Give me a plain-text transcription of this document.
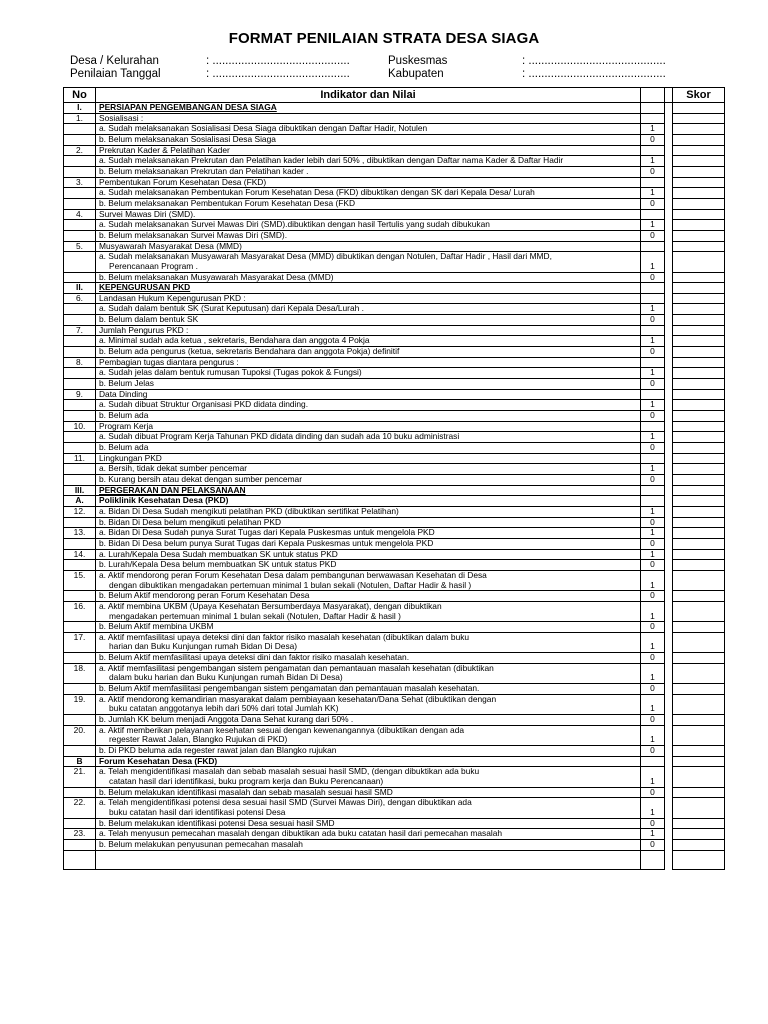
FORMAT PENILAIAN STRATA DESA SIAGA
Desa / Kelurahan	: ...........................................
Penilaian Tanggal	: ...........................................
Puskesmas	: ...........................................
Kabupaten	: ...........................................
No	Indikator dan Nilai			Skor
I.	PERSIAPAN PENGEMBANGAN DESA SIAGA			

1.	Sosialisasi :			

	a. Sudah melaksanakan Sosialisasi Desa Siaga dibuktikan dengan Daftar Hadir, Notulen	1		

	b. Belum melaksanakan Sosialisasi Desa Siaga	0		
2.	Prekrutan Kader & Pelatihan Kader			

	a. Sudah melaksanakan Prekrutan dan Pelatihan kader lebih dari 50% , dibuktikan dengan Daftar nama Kader & Daftar Hadir	1		

	b. Belum melaksanakan Prekrutan dan Pelatihan kader .	0		
3.	Pembentukan Forum Kesehatan Desa (FKD)			

	a. Sudah melaksanakan Pembentukan Forum Kesehatan Desa (FKD) dibuktikan dengan SK dari Kepala Desa/ Lurah	1		

	b. Belum melaksanakan Pembentukan Forum Kesehatan Desa (FKD	0		
4.	Survei Mawas Diri (SMD).			

	a. Sudah melaksanakan Survei Mawas Diri (SMD).dibuktikan dengan hasil Tertulis yang sudah dibukukan	1		

	b. Belum melaksanakan Survei Mawas Diri (SMD).	0		
5.	Musyawarah Masyarakat Desa (MMD)			

	a. Sudah melaksanakan Musyawarah Masyarakat Desa (MMD) dibuktikan dengan Notulen, Daftar Hadir , Hasil dari MMD,
Perencanaan Program .	1		

	b. Belum melaksanakan Musyawarah Masyarakat Desa (MMD)	0		
II.	KEPENGURUSAN PKD			

6.	Landasan Hukum Kepengurusan PKD :			

	a. Sudah dalam bentuk SK (Surat Keputusan) dari Kepala Desa/Lurah .	1		

	b. Belum dalam bentuk SK	0		
7.	Jumlah Pengurus PKD :			

	a. Minimal sudah ada ketua , sekretaris, Bendahara dan anggota 4 Pokja	1		

	b. Belum ada pengurus (ketua, sekretaris Bendahara dan anggota Pokja) definitif	0		
8.	Pembagian tugas diantara pengurus :			

	a. Sudah jelas dalam bentuk rumusan Tupoksi (Tugas pokok & Fungsi)	1		

	b. Belum Jelas	0		
9.	Data Dinding			

	a. Sudah dibuat Struktur Organisasi PKD didata dinding.	1		

	b. Belum ada	0		
10.	Program Kerja			

	a. Sudah dibuat Program Kerja Tahunan PKD didata dinding dan sudah ada 10 buku administrasi	1		

	b. Belum ada	0		
11.	Lingkungan PKD			

	a. Bersih, tidak dekat sumber pencemar	1		

	b. Kurang bersih atau dekat dengan sumber pencemar	0		
III.	PERGERAKAN DAN PELAKSANAAN			

A.	Poliklinik Kesehatan Desa (PKD)			

12.	a. Bidan Di Desa Sudah mengikuti pelatihan PKD (dibuktikan sertifikat Pelatihan)	1		

	b. Bidan Di Desa belum mengikuti pelatihan PKD	0		
13.	a. Bidan Di Desa Sudah punya Surat Tugas dari Kepala Puskesmas untuk mengelola PKD	1		

	b. Bidan Di Desa belum punya Surat Tugas dari Kepala Puskesmas untuk mengelola PKD	0		
14.	a. Lurah/Kepala Desa Sudah membuatkan SK untuk status PKD	1		

	b. Lurah/Kepala Desa belum membuatkan SK untuk status PKD	0		
15.	a. Aktif mendorong peran Forum Kesehatan Desa dalam pembangunan berwawasan Kesehatan di Desa
dengan dibuktikan mengadakan pertemuan minimal 1 bulan sekali (Notulen, Daftar Hadir & hasil )	1		

	b. Belum Aktif mendorong peran Forum Kesehatan Desa	0		
16.	a. Aktif membina UKBM (Upaya Kesehatan Bersumberdaya Masyarakat), dengan dibuktikan
mengadakan pertemuan minimal 1 bulan sekali (Notulen, Daftar Hadir & hasil )	1		

	b. Belum Aktif membina UKBM	0		
17.	a. Aktif memfasilitasi upaya deteksi dini dan faktor risiko masalah kesehatan (dibuktikan dalam buku
harian dan Buku Kunjungan rumah Bidan Di Desa)	1		

	b. Belum Aktif memfasilitasi upaya deteksi dini dan faktor risiko masalah kesehatan.	0		
18.	a. Aktif memfasilitasi pengembangan sistem pengamatan dan pemantauan masalah kesehatan (dibuktikan
dalam buku harian dan Buku Kunjungan rumah Bidan Di Desa)	1		

	b. Belum Aktif memfasilitasi pengembangan sistem pengamatan dan pemantauan masalah kesehatan.	0		
19.	a. Aktif mendorong kemandirian masyarakat dalam pembiayaan kesehatan/Dana Sehat (dibuktikan dengan
buku catatan anggotanya lebih dari 50% dari total Jumlah KK)	1		

	b. Jumlah KK belum menjadi Anggota Dana Sehat kurang dari 50% .	0		
20.	a. Aktif memberikan pelayanan kesehatan sesuai dengan kewenangannya (dibuktikan dengan ada
regester Rawat Jalan, Blangko Rujukan di PKD)	1		

	b. Di PKD beluma ada regester rawat jalan dan Blangko rujukan	0		
B	Forum Kesehatan Desa (FKD)			

21.	a. Telah mengidentifikasi masalah dan sebab masalah sesuai hasil SMD, (dengan dibuktikan ada buku
catatan hasil dari identifikasi, buku program kerja dan Buku Perencanaan)	1		

	b. Belum melakukan identifikasi masalah dan sebab masalah sesuai hasil SMD	0		
22.	a. Telah mengidentifikasi potensi desa sesuai hasil SMD (Survei Mawas Diri), dengan dibuktikan ada
buku catatan hasil dari identifikasi potensi Desa	1		

	b. Belum melakukan identifikasi potensi Desa sesuai hasil SMD	0		
23.	a. Telah menyusun pemecahan masalah dengan dibuktikan ada buku catatan hasil dari pemecahan masalah	1		

	b. Belum melakukan penyusunan pemecahan masalah	0		
